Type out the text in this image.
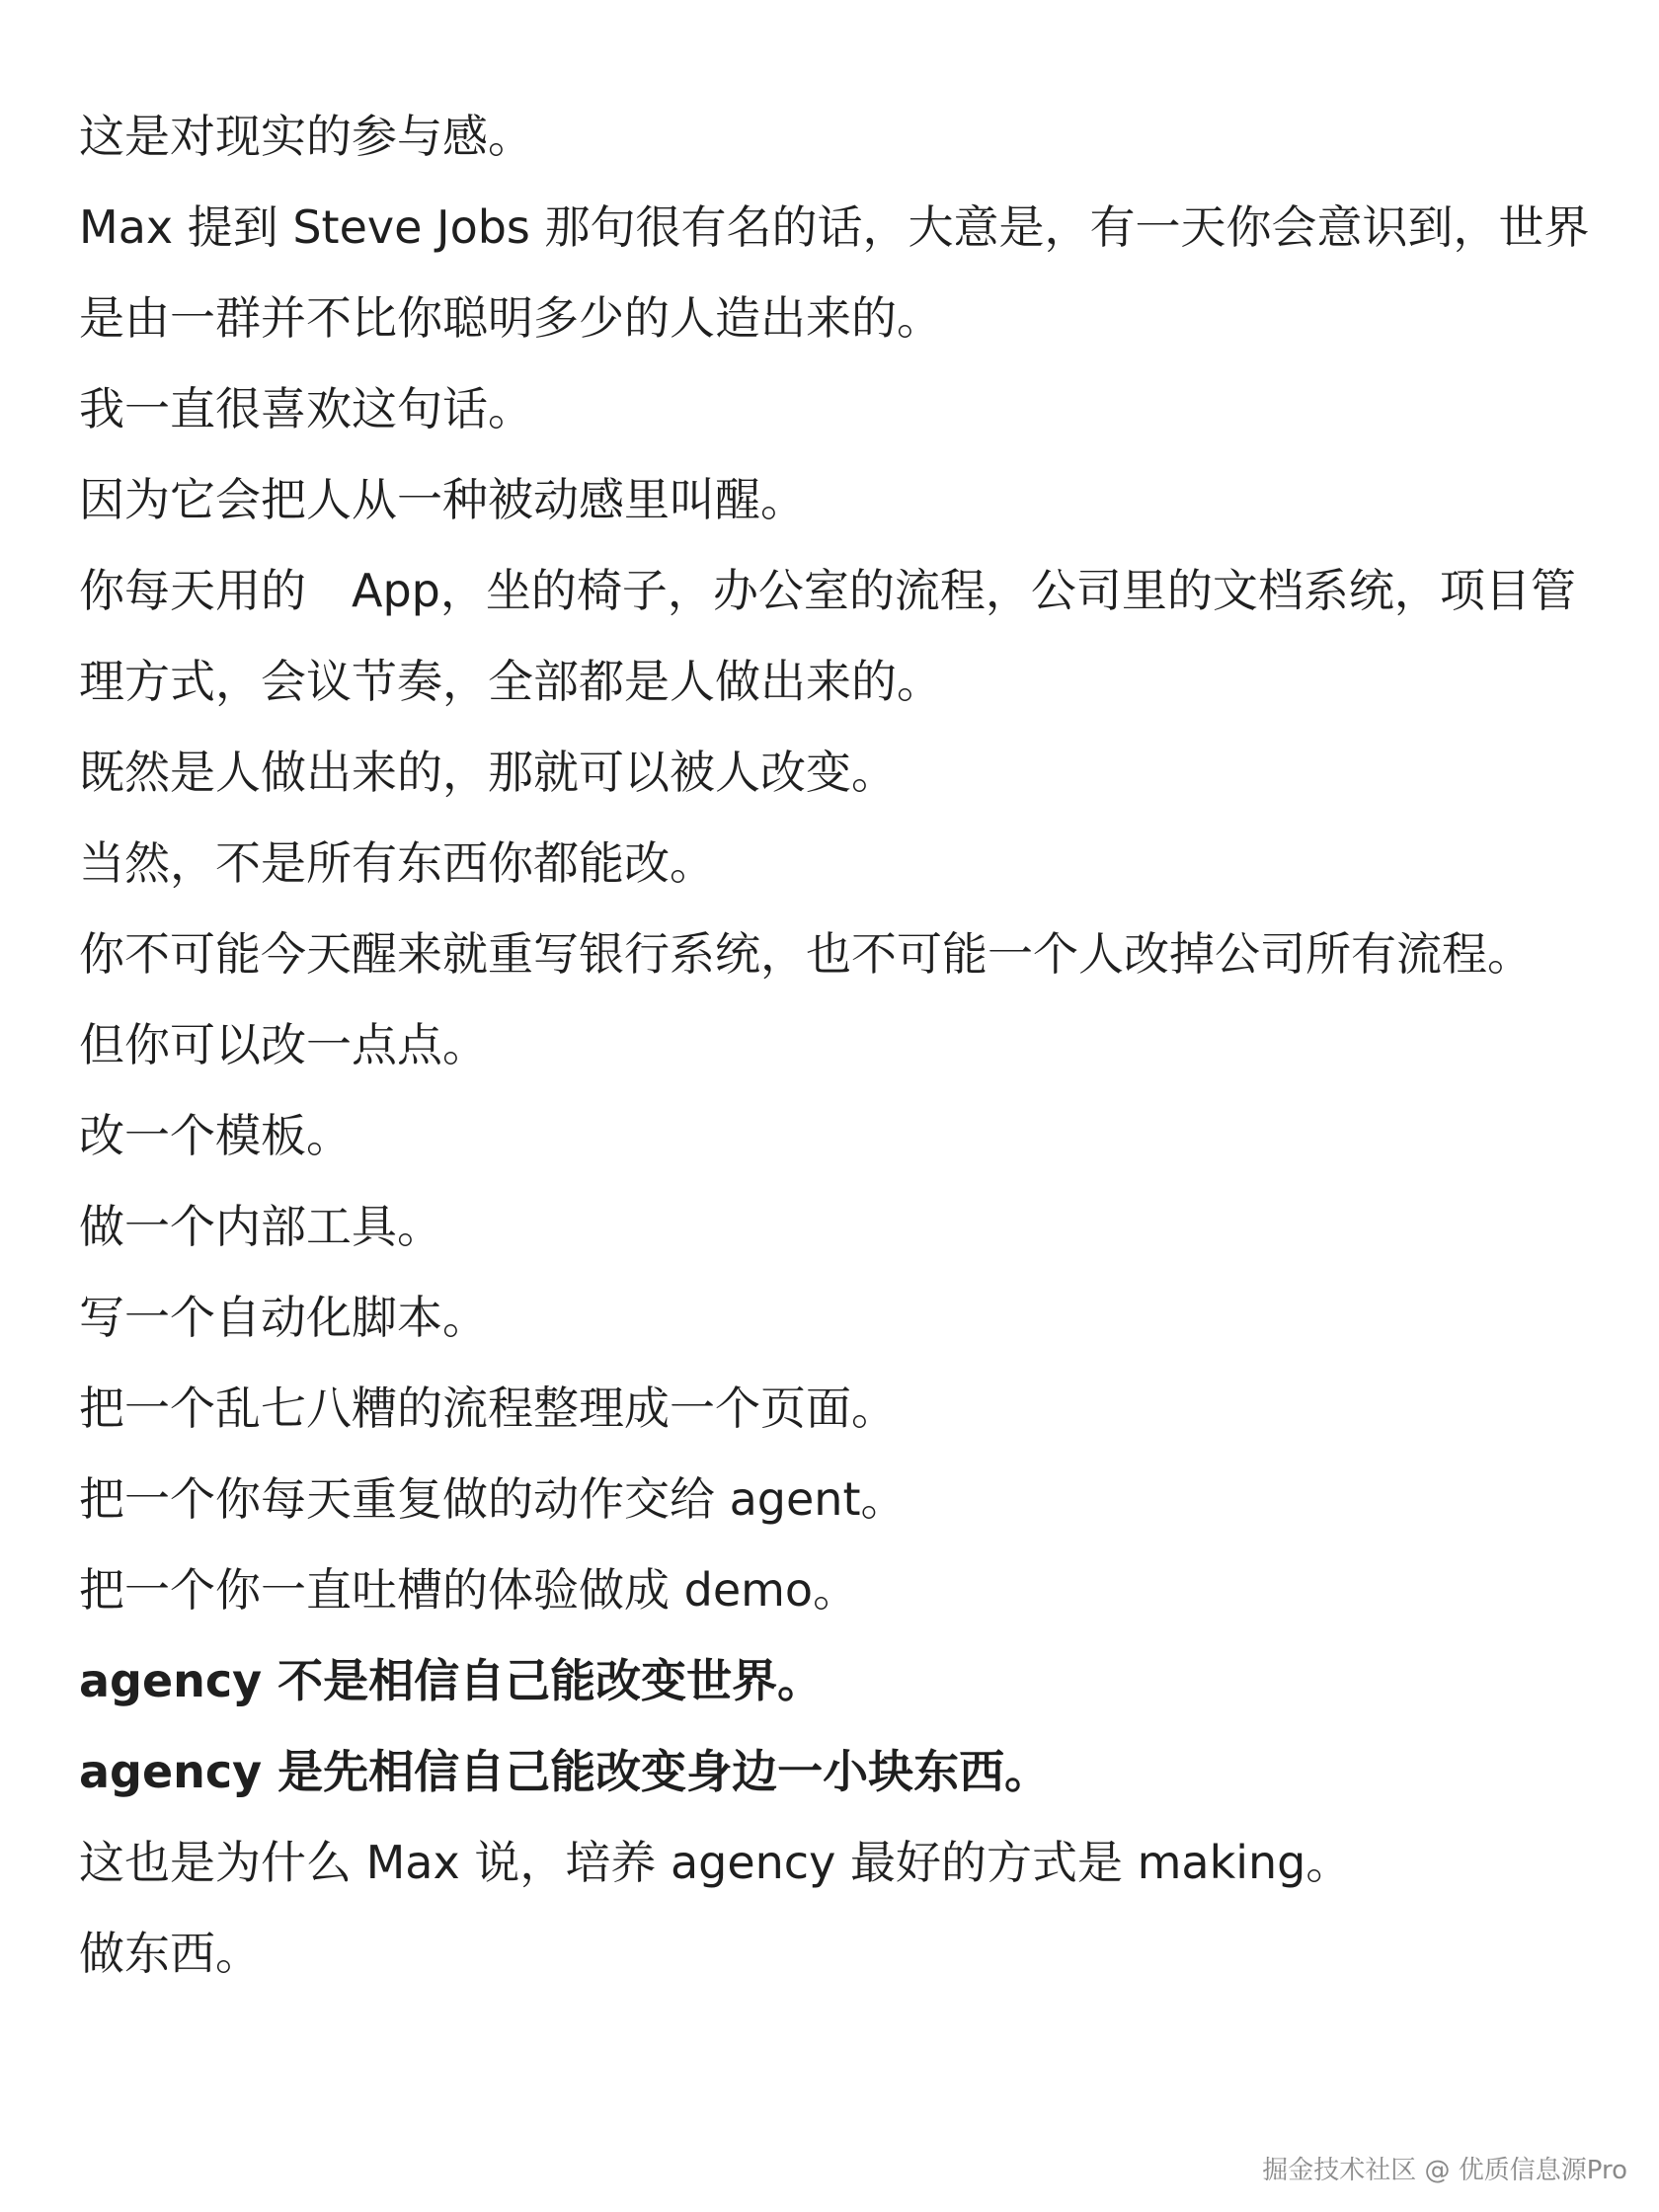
这是对现实的参与感。

Max 提到 Steve Jobs 那句很有名的话，大意是，有一天你会意识到，世界是由一群并不比你聪明多少的人造出来的。

我一直很喜欢这句话。

因为它会把人从一种被动感里叫醒。

你每天用的　App，坐的椅子，办公室的流程，公司里的文档系统，项目管理方式，会议节奏，全部都是人做出来的。

既然是人做出来的，那就可以被人改变。

当然，不是所有东西你都能改。

你不可能今天醒来就重写银行系统，也不可能一个人改掉公司所有流程。

但你可以改一点点。

改一个模板。

做一个内部工具。

写一个自动化脚本。

把一个乱七八糟的流程整理成一个页面。

把一个你每天重复做的动作交给 agent。

把一个你一直吐槽的体验做成 demo。

agency 不是相信自己能改变世界。

agency 是先相信自己能改变身边一小块东西。

这也是为什么 Max 说，培养 agency 最好的方式是 making。

做东西。

掘金技术社区 @ 优质信息源Pro
